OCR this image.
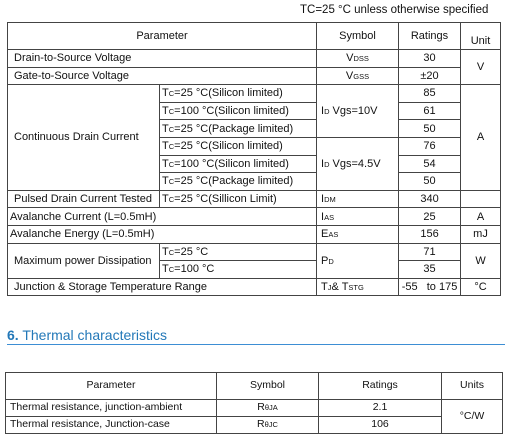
TC=25 °C unless otherwise specified
Parameter		Symbol	Ratings	Unit
Drain-to-Source Voltage		VDSS	30	V
Gate-to-Source Voltage		VGSS	±20	
Continuous Drain Current	TC=25 °C(Silicon limited)	ID Vgs=10V	85	A
	TC=100 °C(Silicon limited)		61	
	TC=25 °C(Package limited)		50	
	TC=25 °C(Silicon limited)	ID Vgs=4.5V	76	
	TC=100 °C(Silicon limited)		54	
	TC=25 °C(Package limited)		50	
Pulsed Drain Current Tested	TC=25 °C(Sillicon Limit)	IDM	340	
Avalanche Current (L=0.5mH)		IAS	25	A
Avalanche Energy (L=0.5mH)		EAS	156	mJ
Maximum power Dissipation	TC=25 °C	PD	71	W
	TC=100 °C		35	
Junction & Storage Temperature Range		TJ& TSTG	-55   to 175	°C
6. Thermal characteristics
Parameter	Symbol	Ratings	Units
Thermal resistance, junction-ambient	RθJA	2.1	°C/W
Thermal resistance, Junction-case	RθJC	106	
